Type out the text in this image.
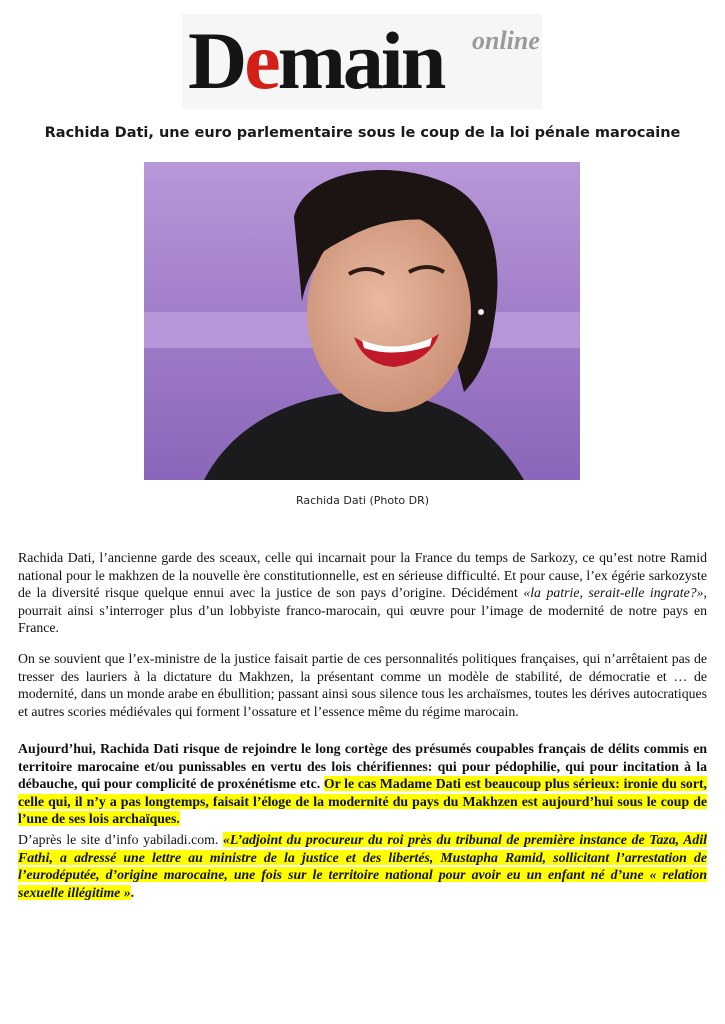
Demain online
Rachida Dati, une euro parlementaire sous le coup de la loi pénale marocaine
Rachida Dati (Photo DR)

Rachida Dati, l’ancienne garde des sceaux, celle qui incarnait pour la France du temps de Sarkozy, ce qu’est notre Ramid national pour le makhzen de la nouvelle ère constitutionnelle, est en sérieuse difficulté. Et pour cause, l’ex égérie sarkozyste de la diversité risque quelque ennui avec la justice de son pays d’origine. Décidément «la patrie, serait-elle ingrate?», pourrait ainsi s’interroger plus d’un lobbyiste franco-marocain, qui œuvre pour l’image de modernité de notre pays en France.

On se souvient que l’ex-ministre de la justice faisait partie de ces personnalités politiques françaises, qui n’arrêtaient pas de tresser des lauriers à la dictature du Makhzen, la présentant comme un modèle de stabilité, de démocratie et … de modernité, dans un monde arabe en ébullition; passant ainsi sous silence tous les archaïsmes, toutes les dérives autocratiques et autres scories médiévales qui forment l’ossature et l’essence même du régime marocain.

Aujourd’hui, Rachida Dati risque de rejoindre le long cortège des présumés coupables français de délits commis en territoire marocaine et/ou punissables en vertu des lois chérifiennes: qui pour pédophilie, qui pour incitation à la débauche, qui pour complicité de proxénétisme etc. Or le cas Madame Dati est beaucoup plus sérieux: ironie du sort, celle qui, il n’y a pas longtemps, faisait l’éloge de la modernité du pays du Makhzen est aujourd’hui sous le coup de l’une de ses lois archaïques.

D’après le site d’info yabiladi.com. «L’adjoint du procureur du roi près du tribunal de première instance de Taza, Adil Fathi, a adressé une lettre au ministre de la justice et des libertés, Mustapha Ramid, sollicitant l’arrestation de l’eurodéputée, d’origine marocaine, une fois sur le territoire national pour avoir eu un enfant né d’une « relation sexuelle illégitime ».
